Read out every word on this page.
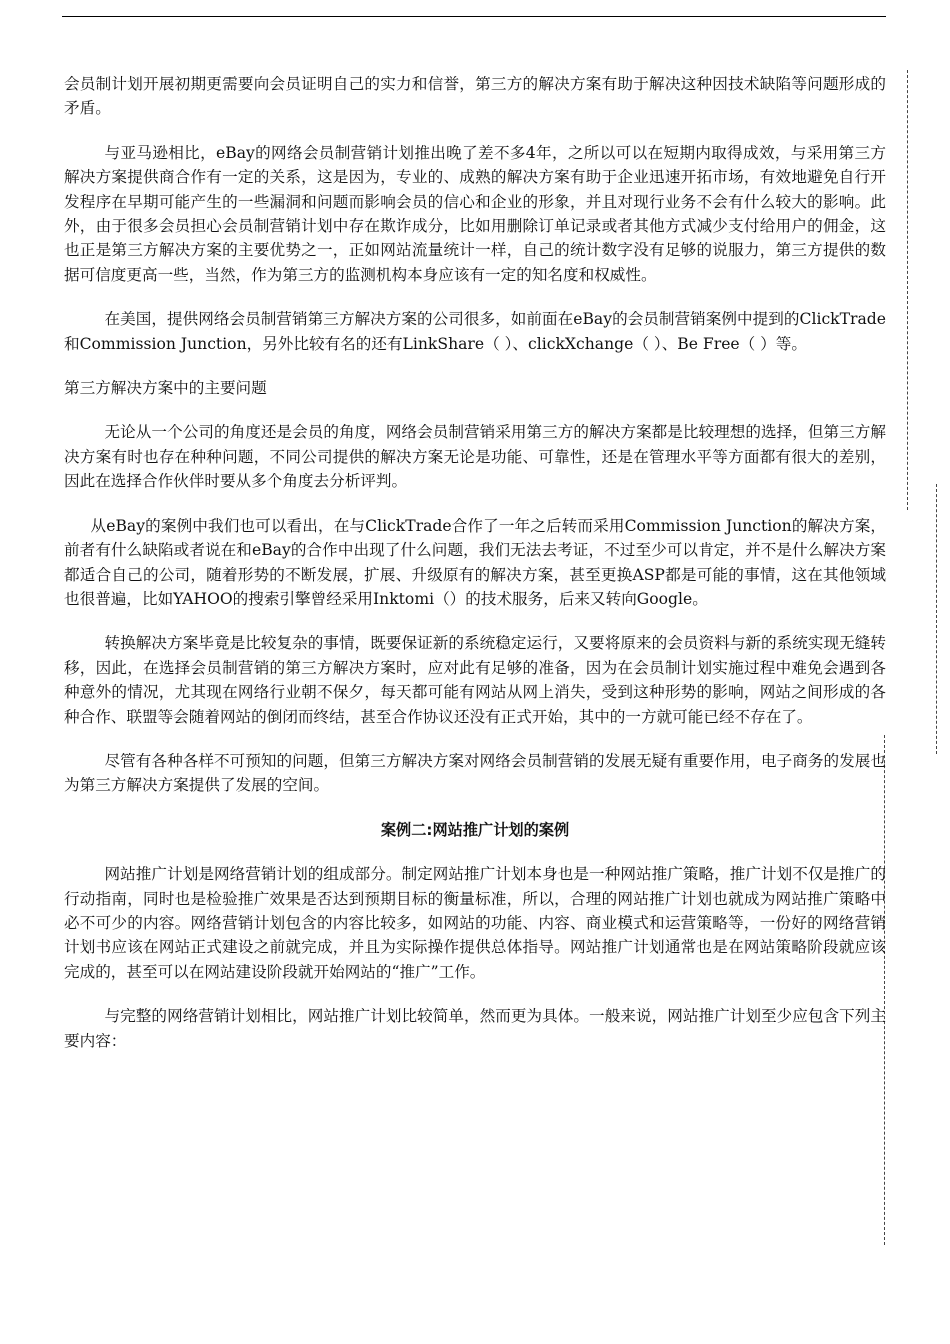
会员制计划开展初期更需要向会员证明自己的实力和信誉，第三方的解决方案有助于解决这种因技术缺陷等问题形成的矛盾。

与亚马逊相比，eBay的网络会员制营销计划推出晚了差不多4年，之所以可以在短期内取得成效，与采用第三方解决方案提供商合作有一定的关系，这是因为，专业的、成熟的解决方案有助于企业迅速开拓市场，有效地避免自行开发程序在早期可能产生的一些漏洞和问题而影响会员的信心和企业的形象，并且对现行业务不会有什么较大的影响。此外，由于很多会员担心会员制营销计划中存在欺诈成分，比如用删除订单记录或者其他方式减少支付给用户的佣金，这也正是第三方解决方案的主要优势之一，正如网站流量统计一样，自己的统计数字没有足够的说服力，第三方提供的数据可信度更高一些，当然，作为第三方的监测机构本身应该有一定的知名度和权威性。

在美国，提供网络会员制营销第三方解决方案的公司很多，如前面在eBay的会员制营销案例中提到的ClickTrade和Commission Junction，另外比较有名的还有LinkShare（ ）、clickXchange（ ）、Be Free（ ）等。

第三方解决方案中的主要问题

无论从一个公司的角度还是会员的角度，网络会员制营销采用第三方的解决方案都是比较理想的选择，但第三方解决方案有时也存在种种问题，不同公司提供的解决方案无论是功能、可靠性，还是在管理水平等方面都有很大的差别，因此在选择合作伙伴时要从多个角度去分析评判。

从eBay的案例中我们也可以看出，在与ClickTrade合作了一年之后转而采用Commission Junction的解决方案，前者有什么缺陷或者说在和eBay的合作中出现了什么问题，我们无法去考证，不过至少可以肯定，并不是什么解决方案都适合自己的公司，随着形势的不断发展，扩展、升级原有的解决方案，甚至更换ASP都是可能的事情，这在其他领域也很普遍，比如YAHOO的搜索引擎曾经采用Inktomi（）的技术服务，后来又转向Google。

转换解决方案毕竟是比较复杂的事情，既要保证新的系统稳定运行，又要将原来的会员资料与新的系统实现无缝转移，因此，在选择会员制营销的第三方解决方案时，应对此有足够的准备，因为在会员制计划实施过程中难免会遇到各种意外的情况，尤其现在网络行业朝不保夕，每天都可能有网站从网上消失，受到这种形势的影响，网站之间形成的各种合作、联盟等会随着网站的倒闭而终结，甚至合作协议还没有正式开始，其中的一方就可能已经不存在了。

尽管有各种各样不可预知的问题，但第三方解决方案对网络会员制营销的发展无疑有重要作用，电子商务的发展也为第三方解决方案提供了发展的空间。

案例二:网站推广计划的案例

网站推广计划是网络营销计划的组成部分。制定网站推广计划本身也是一种网站推广策略，推广计划不仅是推广的行动指南，同时也是检验推广效果是否达到预期目标的衡量标准，所以，合理的网站推广计划也就成为网站推广策略中必不可少的内容。网络营销计划包含的内容比较多，如网站的功能、内容、商业模式和运营策略等，一份好的网络营销计划书应该在网站正式建设之前就完成，并且为实际操作提供总体指导。网站推广计划通常也是在网站策略阶段就应该完成的，甚至可以在网站建设阶段就开始网站的“推广”工作。

与完整的网络营销计划相比，网站推广计划比较简单，然而更为具体。一般来说，网站推广计划至少应包含下列主要内容：
